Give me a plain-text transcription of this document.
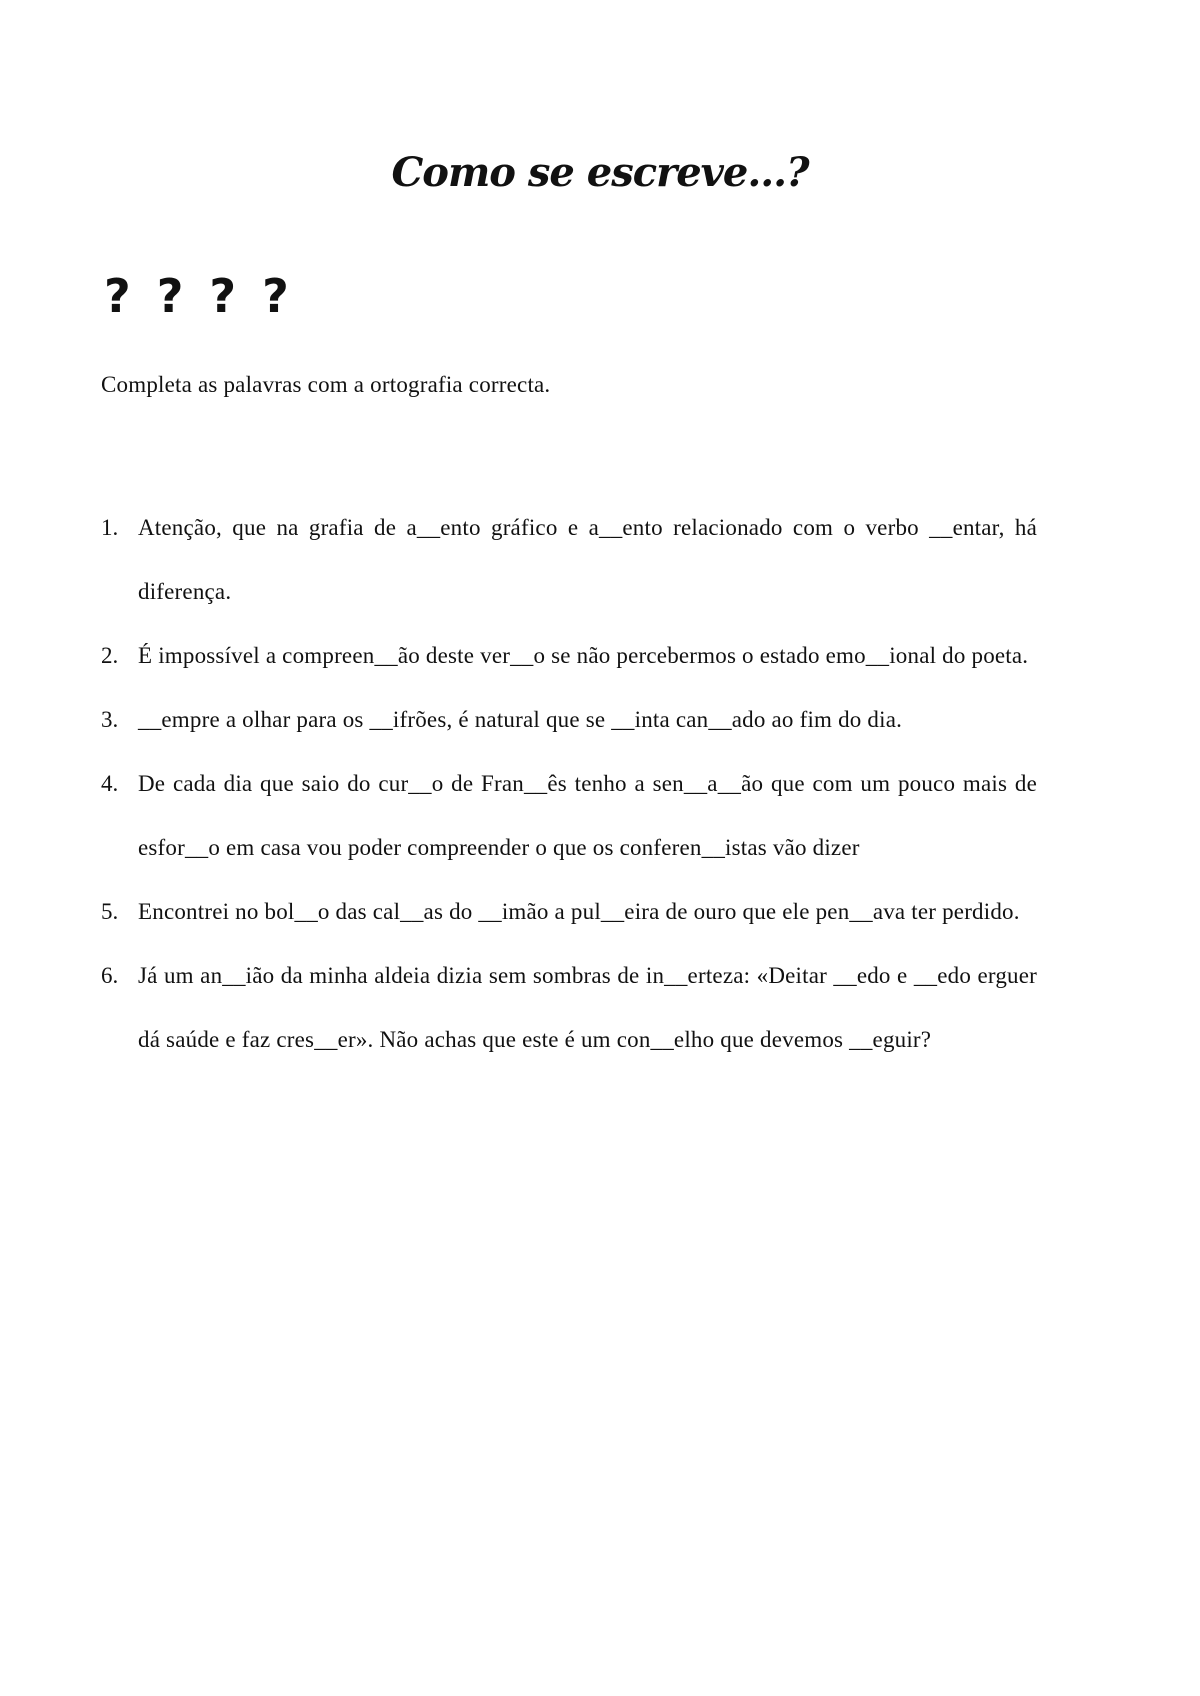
Como se escreve...?
? ? ? ?
Completa as palavras com a ortografia correcta.
1. Atenção, que na grafia de a__ento gráfico e a__ento relacionado com o verbo __entar, há diferença.
2. É impossível a compreen__ão deste ver__o se não percebermos o estado emo__ional do poeta.
3. __empre a olhar para os __ifrões, é natural que se __inta can__ado ao fim do dia.
4. De cada dia que saio do cur__o de Fran__ês tenho a sen__a__ão que com um pouco mais de esfor__o em casa vou poder compreender o que os conferen__istas vão dizer
5. Encontrei no bol__o das cal__as do __imão a pul__eira de ouro que ele pen__ava ter perdido.
6. Já um an__ião da minha aldeia dizia sem sombras de in__erteza: «Deitar __edo e __edo erguer dá saúde e faz cres__er». Não achas que este é um con__elho que devemos __eguir?
